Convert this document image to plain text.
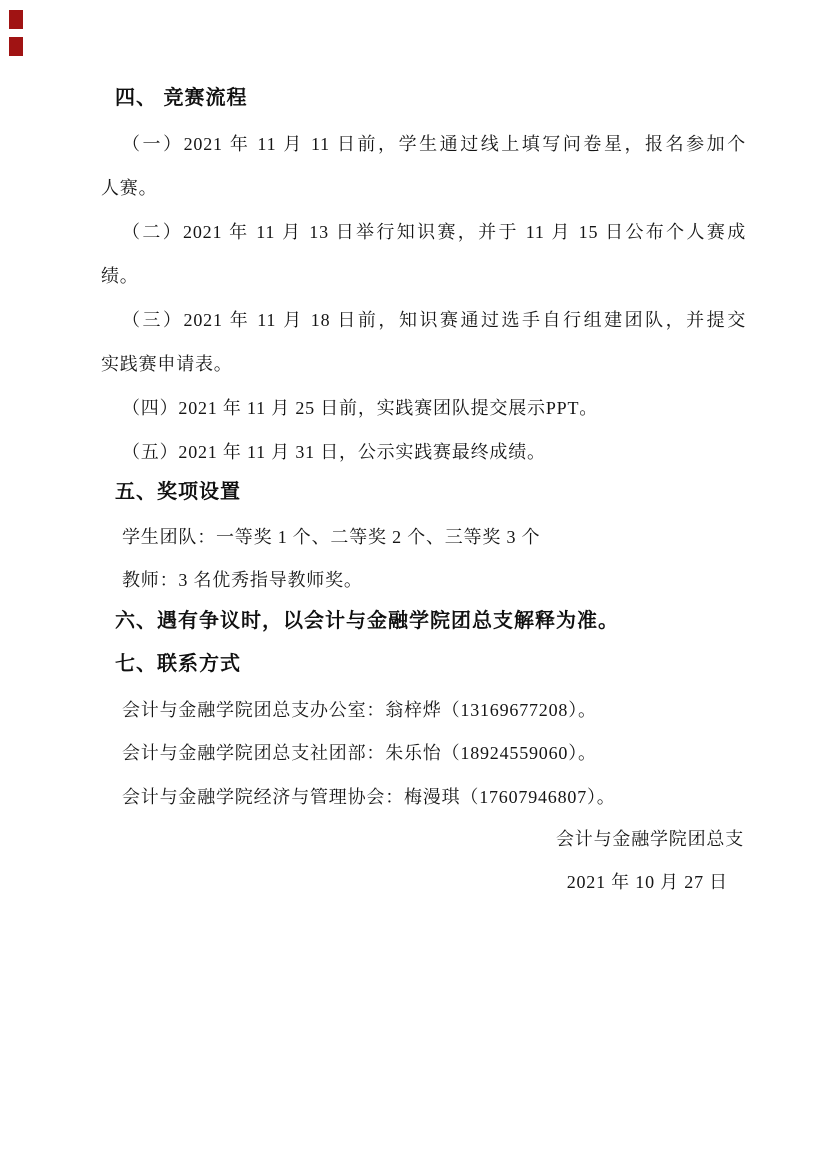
四、 竞赛流程
（一）2021 年 11 月 11 日前，学生通过线上填写问卷星，报名参加个
人赛。
（二）2021 年 11 月 13 日举行知识赛，并于 11 月 15 日公布个人赛成
绩。
（三）2021 年 11 月 18 日前，知识赛通过选手自行组建团队，并提交
实践赛申请表。
（四）2021 年 11 月 25 日前，实践赛团队提交展示PPT。
（五）2021 年 11 月 31 日，公示实践赛最终成绩。
五、奖项设置
学生团队：一等奖 1 个、二等奖 2 个、三等奖 3 个
教师：3 名优秀指导教师奖。
六、遇有争议时，以会计与金融学院团总支解释为准。
七、联系方式
会计与金融学院团总支办公室：翁梓烨（13169677208）。
会计与金融学院团总支社团部：朱乐怡（18924559060）。
会计与金融学院经济与管理协会：梅漫琪（17607946807）。
会计与金融学院团总支
2021 年 10 月 27 日
